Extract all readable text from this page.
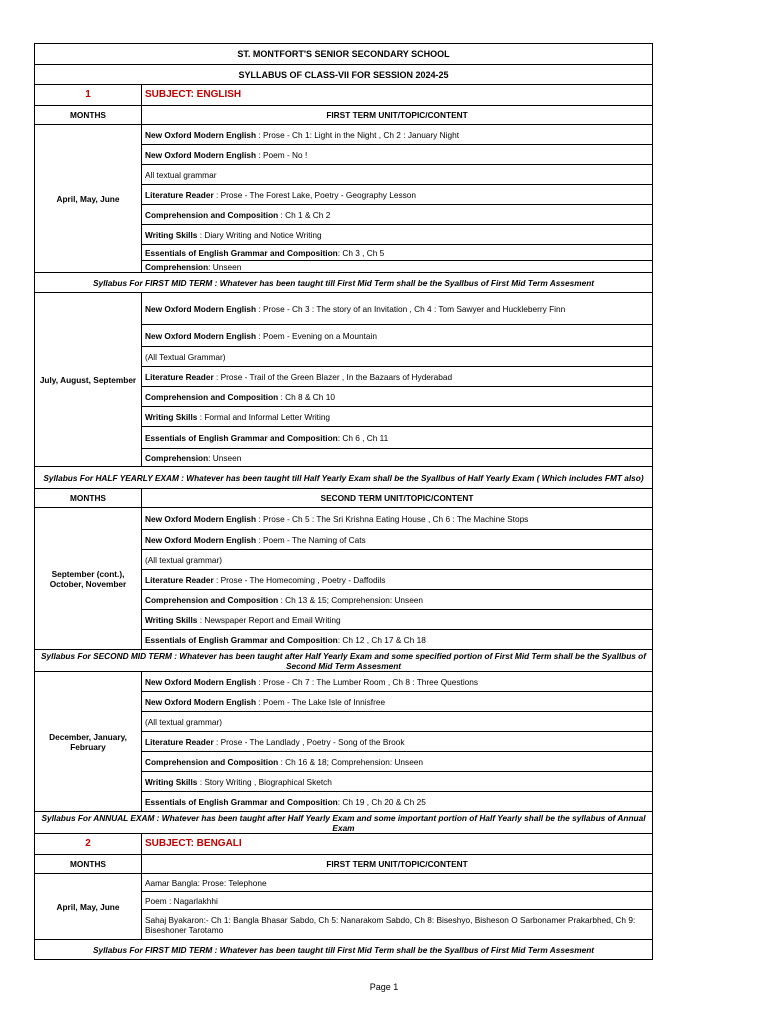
ST. MONTFORT'S SENIOR SECONDARY SCHOOL	
SYLLABUS OF CLASS-VII FOR SESSION 2024-25	
1	SUBJECT: ENGLISH
MONTHS	FIRST TERM UNIT/TOPIC/CONTENT
April, May, June	New Oxford Modern English : Prose - Ch 1: Light in the Night , Ch 2 : January Night
	New Oxford Modern English : Poem - No !
	All textual grammar
	Literature Reader : Prose - The Forest Lake, Poetry - Geography Lesson
	Comprehension and Composition : Ch 1 & Ch 2
	Writing Skills : Diary Writing and Notice Writing
	Essentials of English Grammar and Composition: Ch 3 , Ch 5
	Comprehension: Unseen
Syllabus For FIRST MID TERM : Whatever has been taught till First Mid Term shall be the Syallbus of First Mid Term Assesment	
July, August, September	New Oxford Modern English : Prose - Ch 3 : The story of an Invitation , Ch 4 : Tom Sawyer and Huckleberry Finn
	New Oxford Modern English : Poem - Evening on a Mountain
	(All Textual Grammar)
	Literature Reader : Prose - Trail of the Green Blazer , In the Bazaars of Hyderabad
	Comprehension and Composition : Ch 8 & Ch 10
	Writing Skills : Formal and Informal Letter Writing
	Essentials of English Grammar and Composition: Ch 6 , Ch 11
	Comprehension: Unseen
Syllabus For HALF YEARLY EXAM : Whatever has been taught till Half Yearly Exam shall be the Syallbus of Half Yearly Exam ( Which includes FMT also)	
MONTHS	SECOND TERM UNIT/TOPIC/CONTENT
September (cont.), October, November	New Oxford Modern English : Prose - Ch 5 : The Sri Krishna Eating House , Ch 6 : The Machine Stops
	New Oxford Modern English : Poem - The Naming of Cats
	(All textual grammar)
	Literature Reader : Prose - The Homecoming , Poetry - Daffodils
	Comprehension and Composition : Ch 13 & 15; Comprehension: Unseen
	Writing Skills : Newspaper Report and Email Writing
	Essentials of English Grammar and Composition: Ch 12 , Ch 17 & Ch 18
Syllabus For SECOND MID TERM : Whatever has been taught after Half Yearly Exam and some specified portion of First Mid Term shall be the Syallbus of Second Mid Term Assesment	
December, January, February	New Oxford Modern English : Prose - Ch 7 : The Lumber Room , Ch 8 : Three Questions
	New Oxford Modern English : Poem - The Lake Isle of Innisfree
	(All textual grammar)
	Literature Reader : Prose - The Landlady , Poetry - Song of the Brook
	Comprehension and Composition : Ch 16 & 18; Comprehension: Unseen
	Writing Skills : Story Writing , Biographical Sketch
	Essentials of English Grammar and Composition: Ch 19 , Ch 20 & Ch 25
Syllabus For ANNUAL EXAM : Whatever has been taught after Half Yearly Exam and some important portion of Half Yearly shall be the syllabus of Annual Exam	
2	SUBJECT: BENGALI
MONTHS	FIRST TERM UNIT/TOPIC/CONTENT
April, May, June	Aamar Bangla: Prose: Telephone
	Poem : Nagarlakhhi
	Sahaj Byakaron:- Ch 1: Bangla Bhasar Sabdo, Ch 5: Nanarakom Sabdo, Ch 8: Biseshyo, Bisheson O Sarbonamer Prakarbhed, Ch 9: Biseshoner Tarotamo
Syllabus For FIRST MID TERM : Whatever has been taught till First Mid Term shall be the Syallbus of First Mid Term Assesment	
Page 1
